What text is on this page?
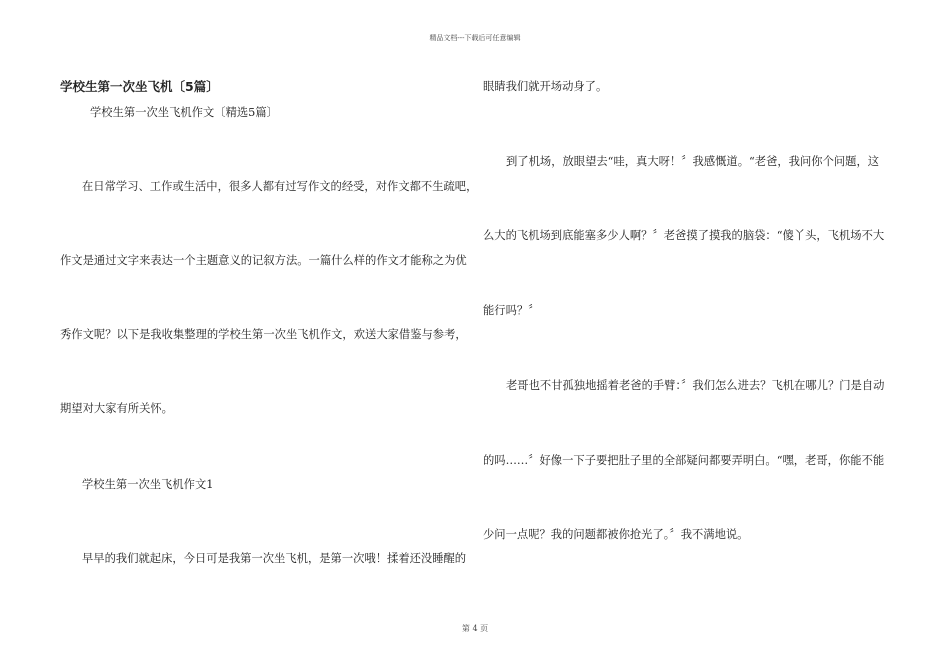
精品文档---下载后可任意编辑
学校生第一次坐飞机〔5篇〕
学校生第一次坐飞机作文〔精选5篇〕
在日常学习、工作或生活中，很多人都有过写作文的经受，对作文都不生疏吧，
作文是通过文字来表达一个主题意义的记叙方法。一篇什么样的作文才能称之为优
秀作文呢？以下是我收集整理的学校生第一次坐飞机作文，欢送大家借鉴与参考，
期望对大家有所关怀。
学校生第一次坐飞机作文1
早早的我们就起床，今日可是我第一次坐飞机，是第一次哦！揉着还没睡醒的
眼睛我们就开场动身了。
到了机场，放眼望去“哇，真大呀！〞我感慨道。“老爸，我问你个问题，这
么大的飞机场到底能塞多少人啊？〞老爸摸了摸我的脑袋：“傻丫头，飞机场不大
能行吗？〞
老哥也不甘孤独地摇着老爸的手臂：〞我们怎么进去？飞机在哪儿？门是自动
的吗……〞好像一下子要把肚子里的全部疑问都要弄明白。“嘿，老哥，你能不能
少问一点呢？我的问题都被你抢光了。〞我不满地说。
第 4 页
